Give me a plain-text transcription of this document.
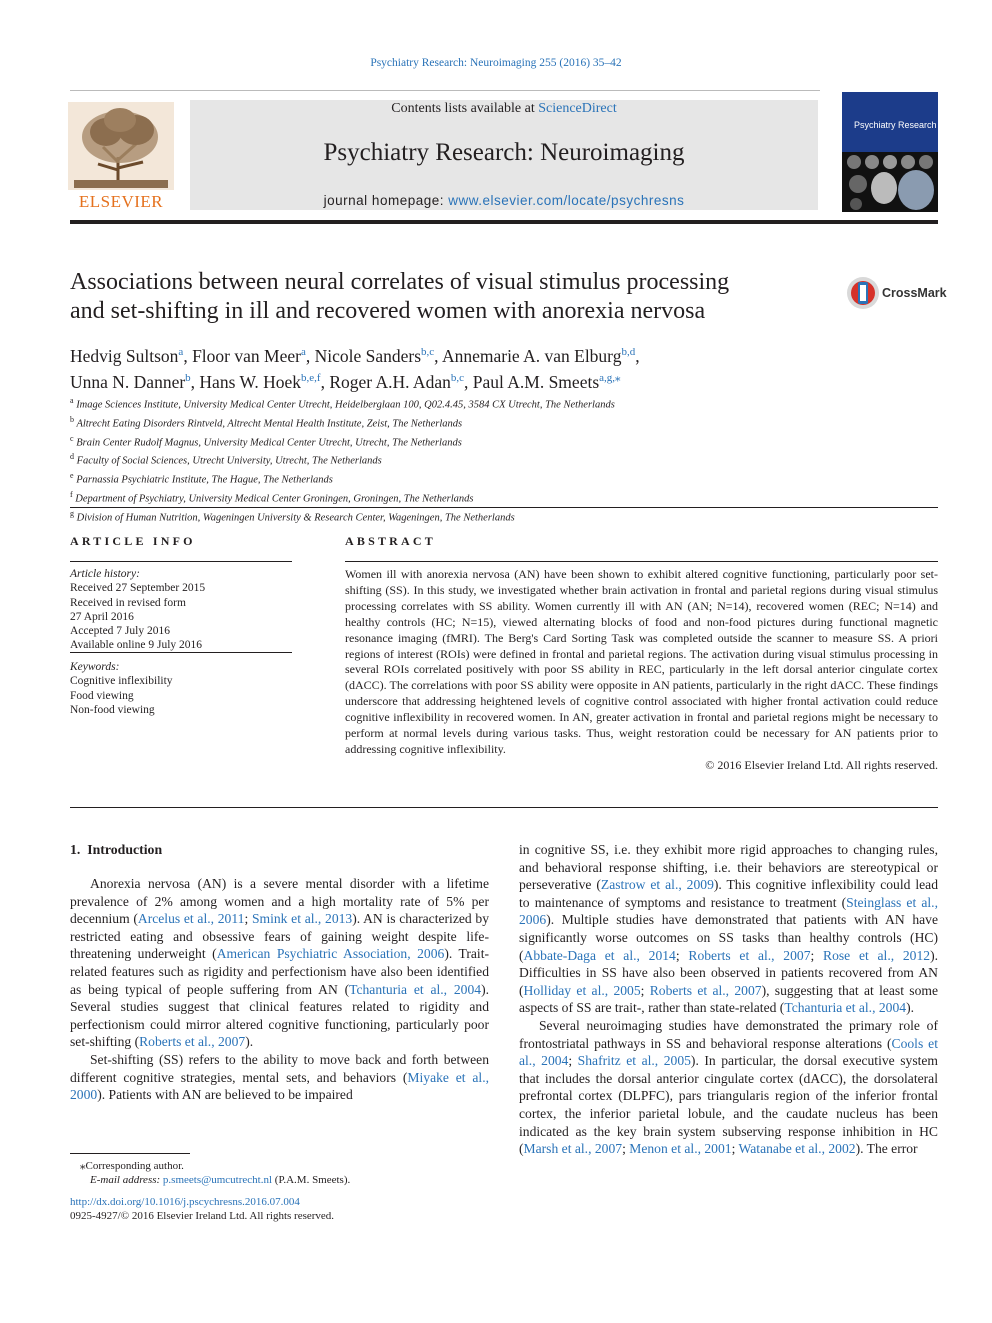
Psychiatry Research: Neuroimaging 255 (2016) 35–42
ELSEVIER
Contents lists available at ScienceDirect
Psychiatry Research: Neuroimaging
journal homepage: www.elsevier.com/locate/psychresns
Psychiatry Research
Associations between neural correlates of visual stimulus processing
and set-shifting in ill and recovered women with anorexia nervosa
CrossMark
Hedvig Sultson$^a$, Floor van Meer$^a$, Nicole Sanders$^{b,c}$, Annemarie A. van Elburg$^{b,d}$,
Unna N. Danner$^b$, Hans W. Hoek$^{b,e,f}$, Roger A.H. Adan$^{b,c}$, Paul A.M. Smeets$^{a,g,⁎}$
$^a$ Image Sciences Institute, University Medical Center Utrecht, Heidelberglaan 100, Q02.4.45, 3584 CX Utrecht, The Netherlands
$^b$ Altrecht Eating Disorders Rintveld, Altrecht Mental Health Institute, Zeist, The Netherlands
$^c$ Brain Center Rudolf Magnus, University Medical Center Utrecht, Utrecht, The Netherlands
$^d$ Faculty of Social Sciences, Utrecht University, Utrecht, The Netherlands
$^e$ Parnassia Psychiatric Institute, The Hague, The Netherlands
$^f$ Department of Psychiatry, University Medical Center Groningen, Groningen, The Netherlands
$^g$ Division of Human Nutrition, Wageningen University & Research Center, Wageningen, The Netherlands
ARTICLE INFO
Article history:
Received 27 September 2015
Received in revised form
27 April 2016
Accepted 7 July 2016
Available online 9 July 2016
Keywords:
Cognitive inflexibility
Food viewing
Non-food viewing
ABSTRACT
Women ill with anorexia nervosa (AN) have been shown to exhibit altered cognitive functioning, particularly poor set-shifting (SS). In this study, we investigated whether brain activation in frontal and parietal regions during visual stimulus processing correlates with SS ability. Women currently ill with AN (AN; N=14), recovered women (REC; N=14) and healthy controls (HC; N=15), viewed alternating blocks of food and non-food pictures during functional magnetic resonance imaging (fMRI). The Berg's Card Sorting Task was completed outside the scanner to measure SS. A priori regions of interest (ROIs) were defined in frontal and parietal regions. The activation during visual stimulus processing in several ROIs correlated positively with poor SS ability in REC, particularly in the left dorsal anterior cingulate cortex (dACC). The correlations with poor SS ability were opposite in AN patients, particularly in the right dACC. These findings underscore that addressing heightened levels of cognitive control associated with higher frontal activation could reduce cognitive inflexibility in recovered women. In AN, greater activation in frontal and parietal regions might be necessary to perform at normal levels during various tasks. Thus, weight restoration could be necessary for AN patients prior to addressing cognitive inflexibility.
© 2016 Elsevier Ireland Ltd. All rights reserved.
1.  Introduction

Anorexia nervosa (AN) is a severe mental disorder with a lifetime prevalence of 2% among women and a high mortality rate of 5% per decennium (Arcelus et al., 2011; Smink et al., 2013). AN is characterized by restricted eating and obsessive fears of gaining weight despite life-threatening underweight (American Psychiatric Association, 2006). Trait-related features such as rigidity and perfectionism have also been identified as being typical of people suffering from AN (Tchanturia et al., 2004). Several studies suggest that clinical features related to rigidity and perfectionism could mirror altered cognitive functioning, particularly poor set-shifting (Roberts et al., 2007).

Set-shifting (SS) refers to the ability to move back and forth between different cognitive strategies, mental sets, and behaviors (Miyake et al., 2000). Patients with AN are believed to be impaired

in cognitive SS, i.e. they exhibit more rigid approaches to changing rules, and behavioral response shifting, i.e. their behaviors are stereotypical or perseverative (Zastrow et al., 2009). This cognitive inflexibility could lead to maintenance of symptoms and resistance to treatment (Steinglass et al., 2006). Multiple studies have demonstrated that patients with AN have significantly worse outcomes on SS tasks than healthy controls (HC) (Abbate-Daga et al., 2014; Roberts et al., 2007; Rose et al., 2012). Difficulties in SS have also been observed in patients recovered from AN (Holliday et al., 2005; Roberts et al., 2007), suggesting that at least some aspects of SS are trait-, rather than state-related (Tchanturia et al., 2004).

Several neuroimaging studies have demonstrated the primary role of frontostriatal pathways in SS and behavioral response alterations (Cools et al., 2004; Shafritz et al., 2005). In particular, the dorsal executive system that includes the dorsal anterior cingulate cortex (dACC), the dorsolateral prefrontal cortex (DLPFC), pars triangularis region of the inferior frontal cortex, the inferior parietal lobule, and the caudate nucleus has been indicated as the key brain system subserving response inhibition in HC (Marsh et al., 2007; Menon et al., 2001; Watanabe et al., 2002). The error

⁎Corresponding author.
E-mail address: p.smeets@umcutrecht.nl (P.A.M. Smeets).
http://dx.doi.org/10.1016/j.pscychresns.2016.07.004
0925-4927/© 2016 Elsevier Ireland Ltd. All rights reserved.
